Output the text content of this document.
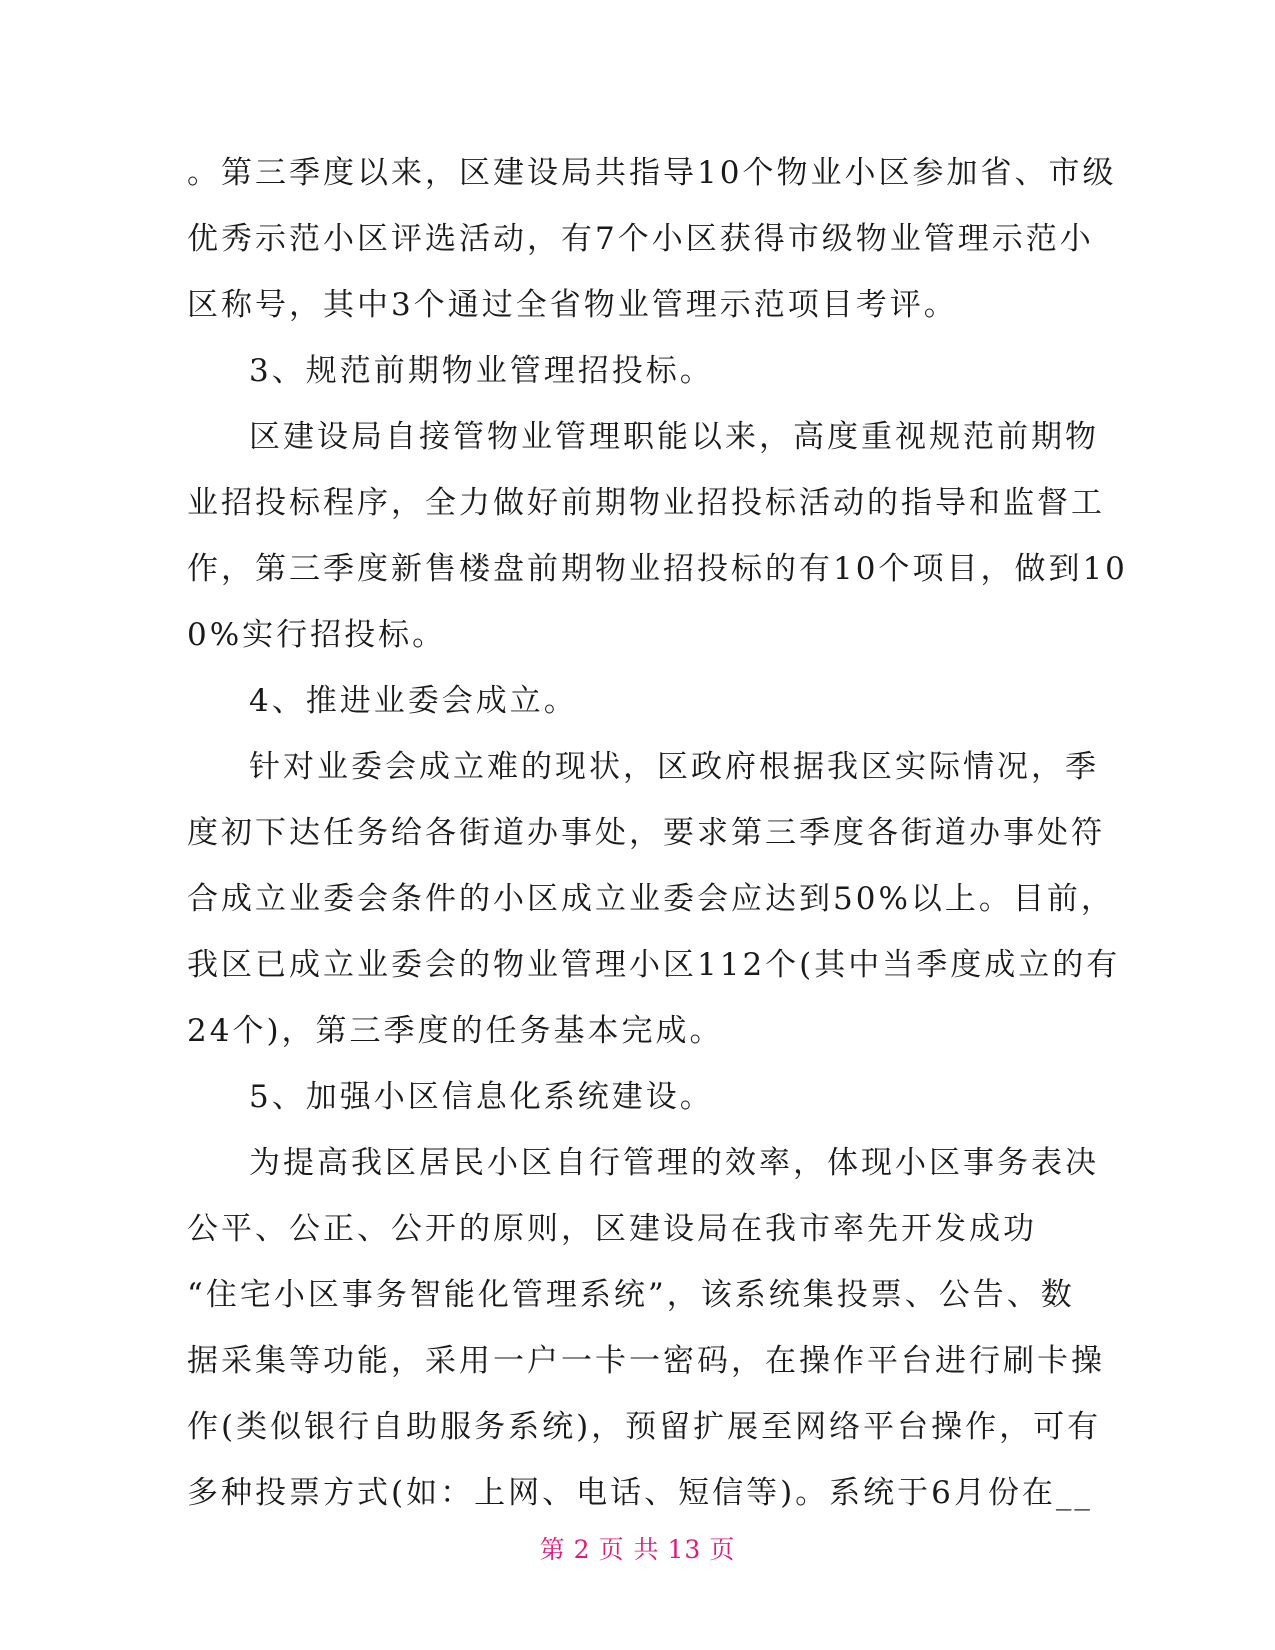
。第三季度以来，区建设局共指导10个物业小区参加省、市级
优秀示范小区评选活动，有7个小区获得市级物业管理示范小
区称号，其中3个通过全省物业管理示范项目考评。
3、规范前期物业管理招投标。
区建设局自接管物业管理职能以来，高度重视规范前期物
业招投标程序，全力做好前期物业招投标活动的指导和监督工
作，第三季度新售楼盘前期物业招投标的有10个项目，做到10
0%实行招投标。
4、推进业委会成立。
针对业委会成立难的现状，区政府根据我区实际情况，季
度初下达任务给各街道办事处，要求第三季度各街道办事处符
合成立业委会条件的小区成立业委会应达到50%以上。目前，
我区已成立业委会的物业管理小区112个(其中当季度成立的有
24个)，第三季度的任务基本完成。
5、加强小区信息化系统建设。
为提高我区居民小区自行管理的效率，体现小区事务表决
公平、公正、公开的原则，区建设局在我市率先开发成功
“住宅小区事务智能化管理系统”，该系统集投票、公告、数
据采集等功能，采用一户一卡一密码，在操作平台进行刷卡操
作(类似银行自助服务系统)，预留扩展至网络平台操作，可有
多种投票方式(如：上网、电话、短信等)。系统于6月份在__
第 2 页 共 13 页
